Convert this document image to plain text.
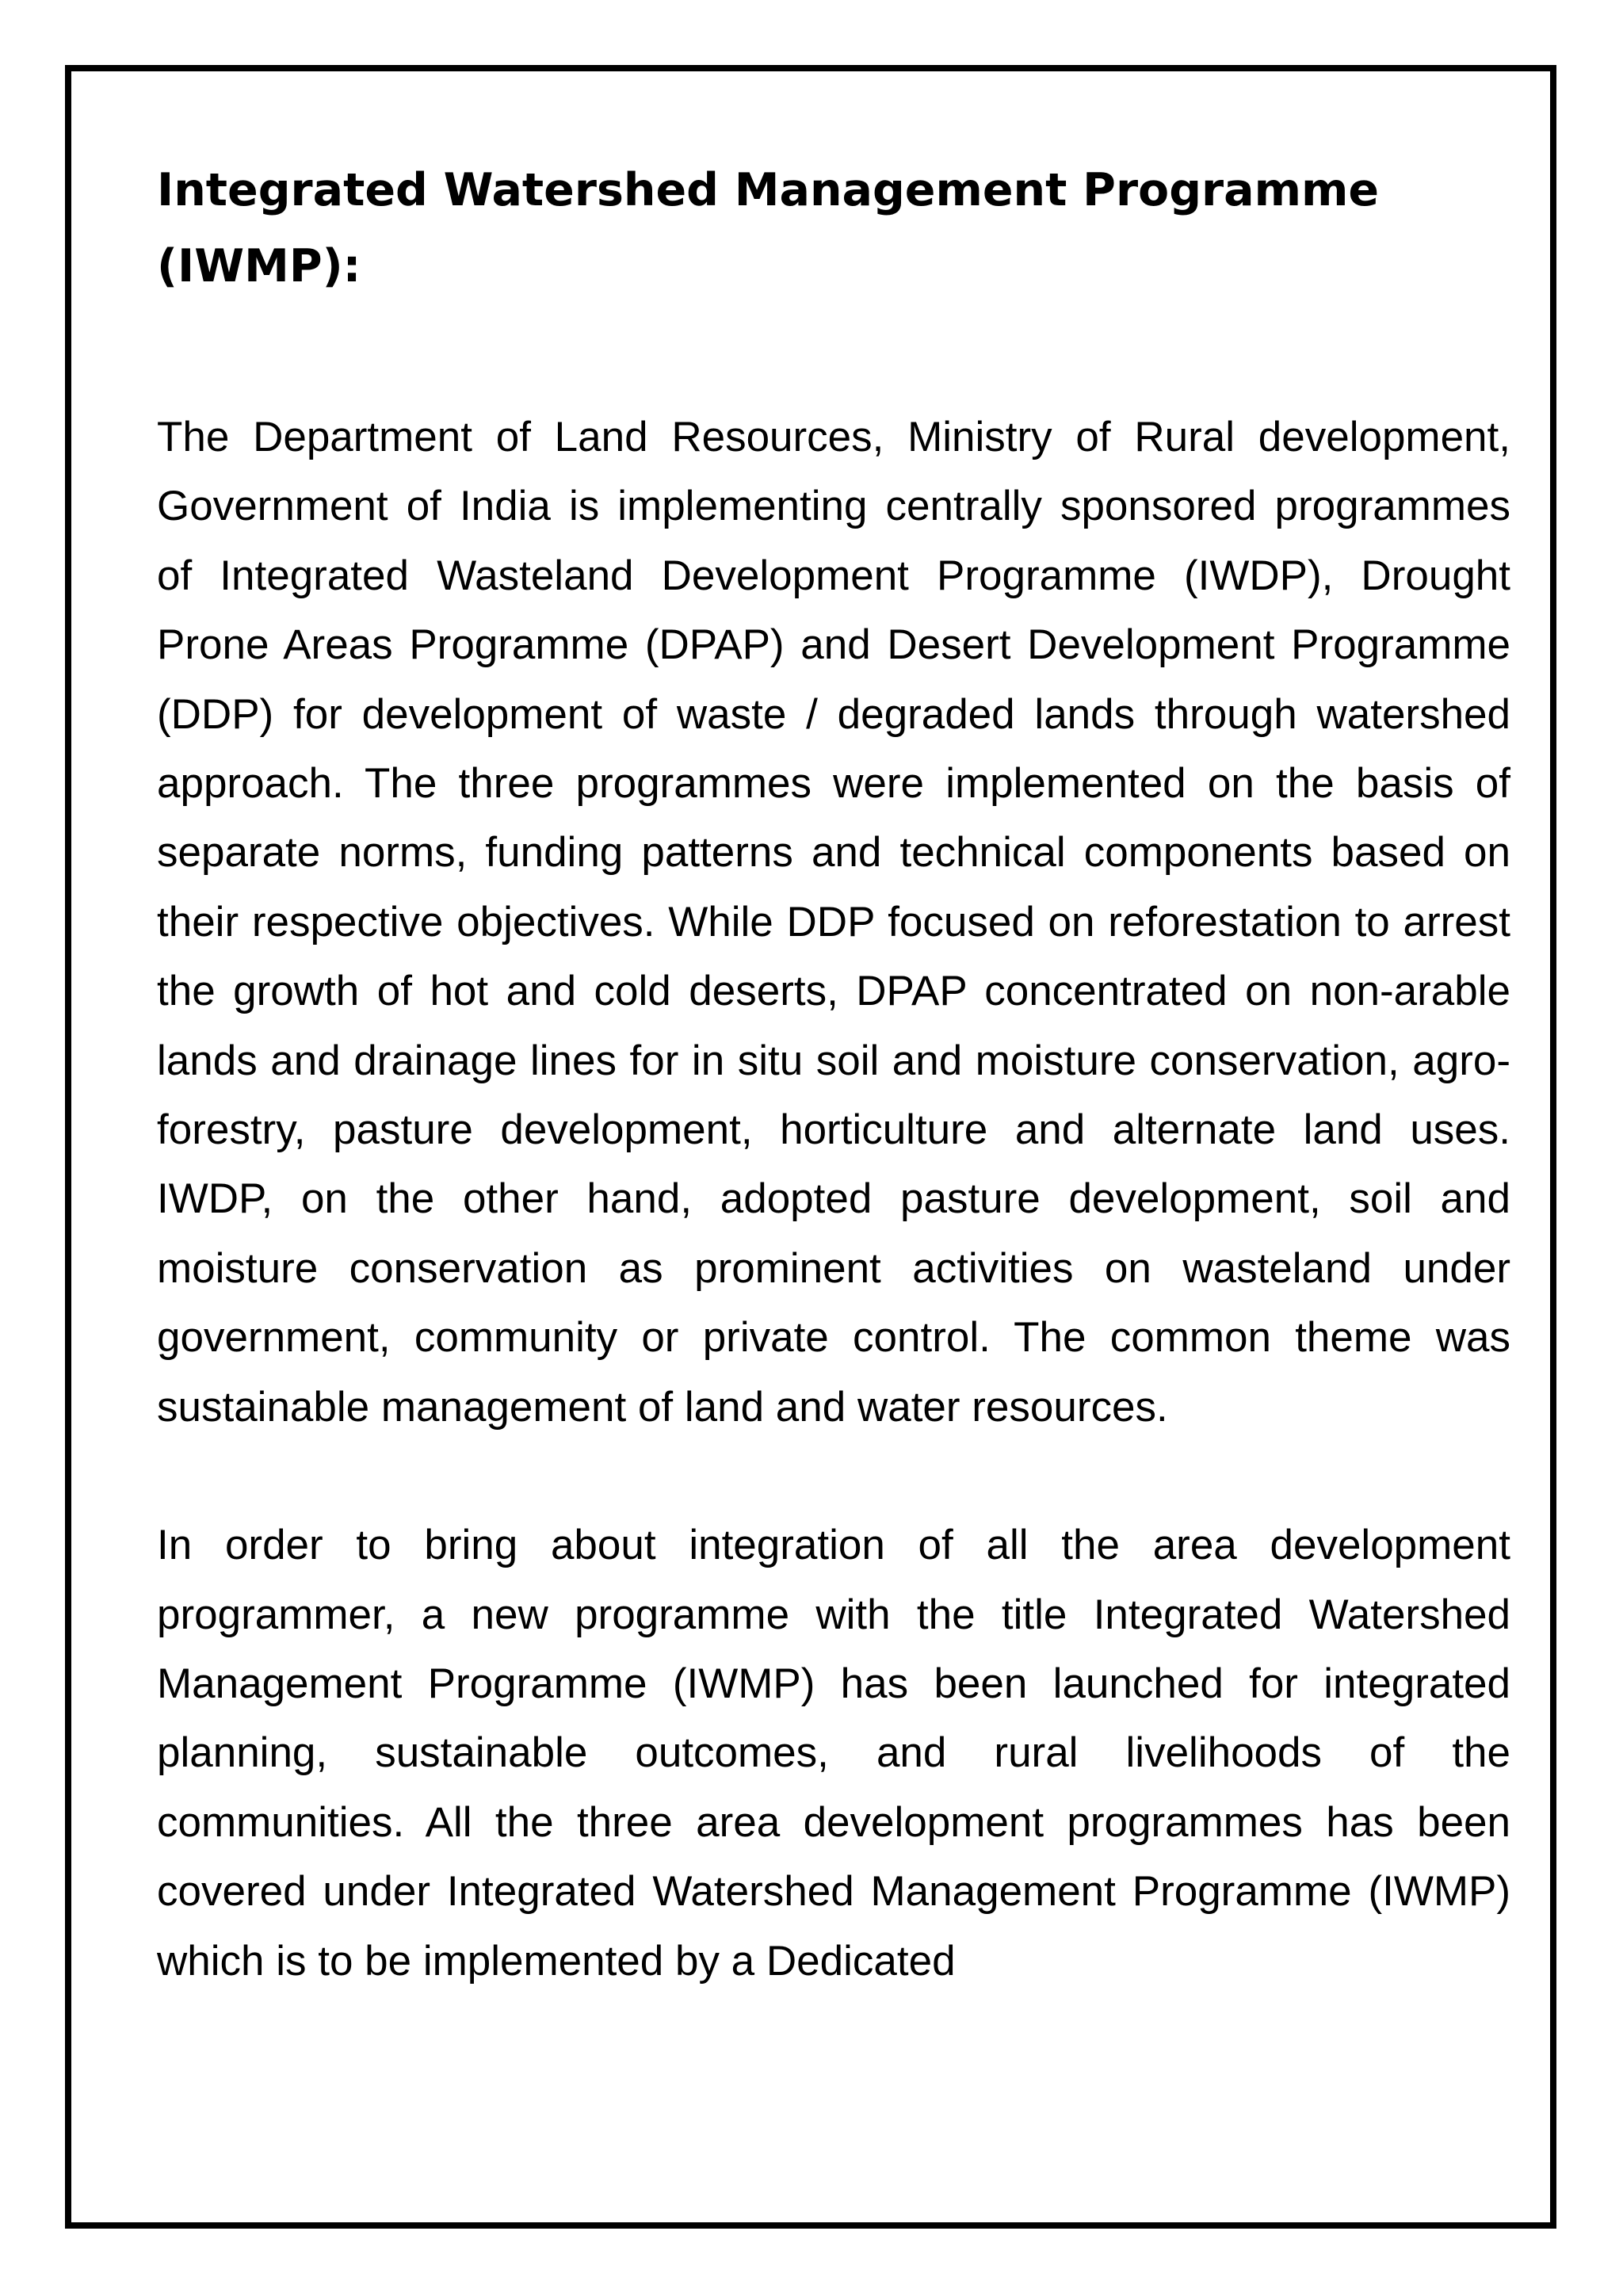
Integrated Watershed Management Programme (IWMP):

The Department of Land Resources, Ministry of Rural development, Government of India is implementing centrally sponsored programmes of Integrated Wasteland Development Programme (IWDP), Drought Prone Areas Programme (DPAP) and Desert Development Programme (DDP) for development of waste / degraded lands through watershed approach. The three programmes were implemented on the basis of separate norms, funding patterns and technical components based on their respective objectives. While DDP focused on reforestation to arrest the growth of hot and cold deserts, DPAP concentrated on non-arable lands and drainage lines for in situ soil and moisture conservation, agro-forestry, pasture development, horticulture and alternate land uses. IWDP, on the other hand, adopted pasture development, soil and moisture conservation as prominent activities on wasteland under government, community or private control. The common theme was sustainable management of land and water resources.

In order to bring about integration of all the area development programmer, a new programme with the title Integrated Watershed Management Programme (IWMP) has been launched for integrated planning, sustainable outcomes, and rural livelihoods of the communities. All the three area development programmes has been covered under Integrated Watershed Management Programme (IWMP) which is to be implemented by a Dedicated
